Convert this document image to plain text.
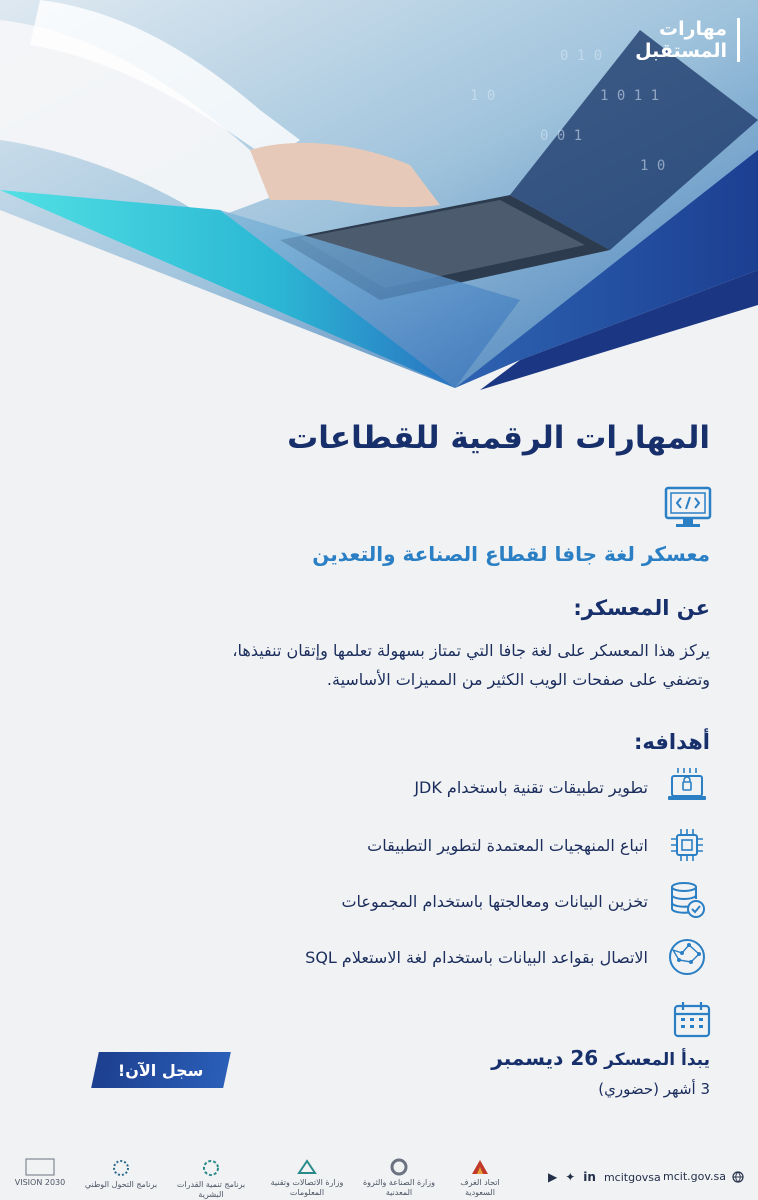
0 1 0
1 0 1 1
0 0 1
1 0
1 0
مهارات
المستقبل
المهارات الرقمية للقطاعات
معسكر لغة جافا لقطاع الصناعة والتعدين
عن المعسكر:
يركز هذا المعسكر على لغة جافا التي تمتاز بسهولة تعلمها وإتقان تنفيذها،
وتضفي على صفحات الويب الكثير من المميزات الأساسية.
أهدافه:
تطوير تطبيقات تقنية باستخدام JDK
اتباع المنهجيات المعتمدة لتطوير التطبيقات
تخزين البيانات ومعالجتها باستخدام المجموعات
الاتصال بقواعد البيانات باستخدام لغة الاستعلام SQL
يبدأ المعسكر 26 ديسمبر
3 أشهر (حضوري)
سجل الآن!
mcit.gov.sa
▶ ✦ in mcitgovsa
اتحاد الغرف السعودية
وزارة الصناعة والثروة المعدنية
وزارة الاتصالات وتقنية المعلومات
برنامج تنمية القدرات البشرية
برنامج التحول الوطني
VISION 2030
